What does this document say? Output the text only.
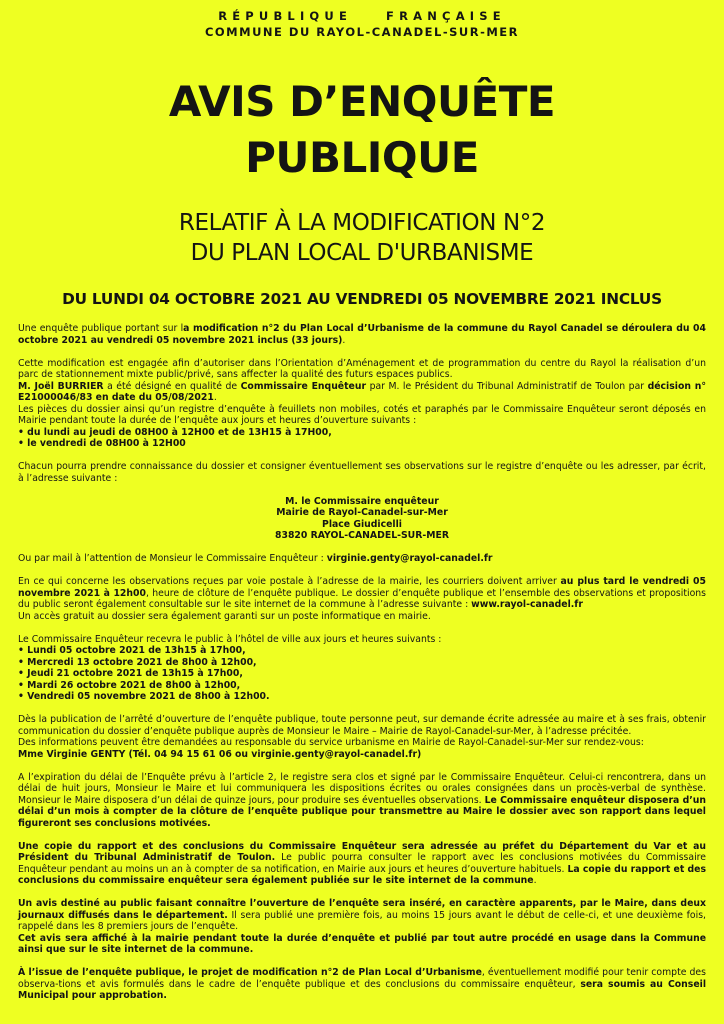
RÉPUBLIQUE	FRANÇAISE
COMMUNE DU RAYOL-CANADEL-SUR-MER
AVIS D’ENQUÊTE
PUBLIQUE
RELATIF À LA MODIFICATION N°2
DU PLAN LOCAL D'URBANISME
DU LUNDI 04 OCTOBRE 2021 AU VENDREDI 05 NOVEMBRE 2021 INCLUS

Une enquête publique portant sur la modification n°2 du Plan Local d’Urbanisme de la commune du Rayol Canadel se déroulera du 04 octobre 2021 au vendredi 05 novembre 2021 inclus (33 jours).

Cette modification est engagée afin d’autoriser dans l’Orientation d’Aménagement et de programmation du centre du Rayol la réalisation d’un parc de stationnement mixte public/privé, sans affecter la qualité des futurs espaces publics.
M. Joël BURRIER a été désigné en qualité de Commissaire Enquêteur par M. le Président du Tribunal Administratif de Toulon par décision n° E21000046/83 en date du 05/08/2021.
Les pièces du dossier ainsi qu’un registre d’enquête à feuillets non mobiles, cotés et paraphés par le Commissaire Enquêteur seront déposés en Mairie pendant toute la durée de l’enquête aux jours et heures d’ouverture suivants :
• du lundi au jeudi de 08H00 à 12H00 et de 13H15 à 17H00,
• le vendredi de 08H00 à 12H00

Chacun pourra prendre connaissance du dossier et consigner éventuellement ses observations sur le registre d’enquête ou les adresser, par écrit, à l’adresse suivante :

M. le Commissaire enquêteur
Mairie de Rayol-Canadel-sur-Mer
Place Giudicelli
83820 RAYOL-CANADEL-SUR-MER

Ou par mail à l’attention de Monsieur le Commissaire Enquêteur : virginie.genty@rayol-canadel.fr

En ce qui concerne les observations reçues par voie postale à l’adresse de la mairie, les courriers doivent arriver au plus tard le vendredi 05 novembre 2021 à 12h00, heure de clôture de l’enquête publique. Le dossier d’enquête publique et l’ensemble des observations et propositions du public seront également consultable sur le site internet de la commune à l’adresse suivante : www.rayol-canadel.fr
Un accès gratuit au dossier sera également garanti sur un poste informatique en mairie.

Le Commissaire Enquêteur recevra le public à l’hôtel de ville aux jours et heures suivants :
• Lundi 05 octobre 2021 de 13h15 à 17h00,
• Mercredi 13 octobre 2021 de 8h00 à 12h00,
• Jeudi 21 octobre 2021 de 13h15 à 17h00,
• Mardi 26 octobre 2021 de 8h00 à 12h00,
• Vendredi 05 novembre 2021 de 8h00 à 12h00.

Dès la publication de l’arrêté d’ouverture de l’enquête publique, toute personne peut, sur demande écrite adressée au maire et à ses frais, obtenir communication du dossier d’enquête publique auprès de Monsieur le Maire – Mairie de Rayol-Canadel-sur-Mer, à l’adresse précitée.
Des informations peuvent être demandées au responsable du service urbanisme en Mairie de Rayol-Canadel-sur-Mer sur rendez-vous:
Mme Virginie GENTY (Tél. 04 94 15 61 06 ou virginie.genty@rayol-canadel.fr)

A l’expiration du délai de l’Enquête prévu à l’article 2, le registre sera clos et signé par le Commissaire Enquêteur. Celui-ci rencontrera, dans un délai de huit jours, Monsieur le Maire et lui communiquera les dispositions écrites ou orales consignées dans un procès-verbal de synthèse. Monsieur le Maire disposera d’un délai de quinze jours, pour produire ses éventuelles observations. Le Commissaire enquêteur disposera d’un délai d’un mois à compter de la clôture de l’enquête publique pour transmettre au Maire le dossier avec son rapport dans lequel figureront ses conclusions motivées.

Une copie du rapport et des conclusions du Commissaire Enquêteur sera adressée au préfet du Département du Var et au Président du Tribunal Administratif de Toulon. Le public pourra consulter le rapport avec les conclusions motivées du Commissaire Enquêteur pendant au moins un an à compter de sa notification, en Mairie aux jours et heures d’ouverture habituels. La copie du rapport et des conclusions du commissaire enquêteur sera également publiée sur le site internet de la commune.

Un avis destiné au public faisant connaître l’ouverture de l’enquête sera inséré, en caractère apparents, par le Maire, dans deux journaux diffusés dans le département. Il sera publié une première fois, au moins 15 jours avant le début de celle-ci, et une deuxième fois, rappelé dans les 8 premiers jours de l’enquête.
Cet avis sera affiché à la mairie pendant toute la durée d’enquête et publié par tout autre procédé en usage dans la Commune ainsi que sur le site internet de la commune.

À l’issue de l’enquête publique, le projet de modification n°2 de Plan Local d’Urbanisme, éventuellement modifié pour tenir compte des observa-tions et avis formulés dans le cadre de l’enquête publique et des conclusions du commissaire enquêteur, sera soumis au Conseil Municipal pour approbation.
